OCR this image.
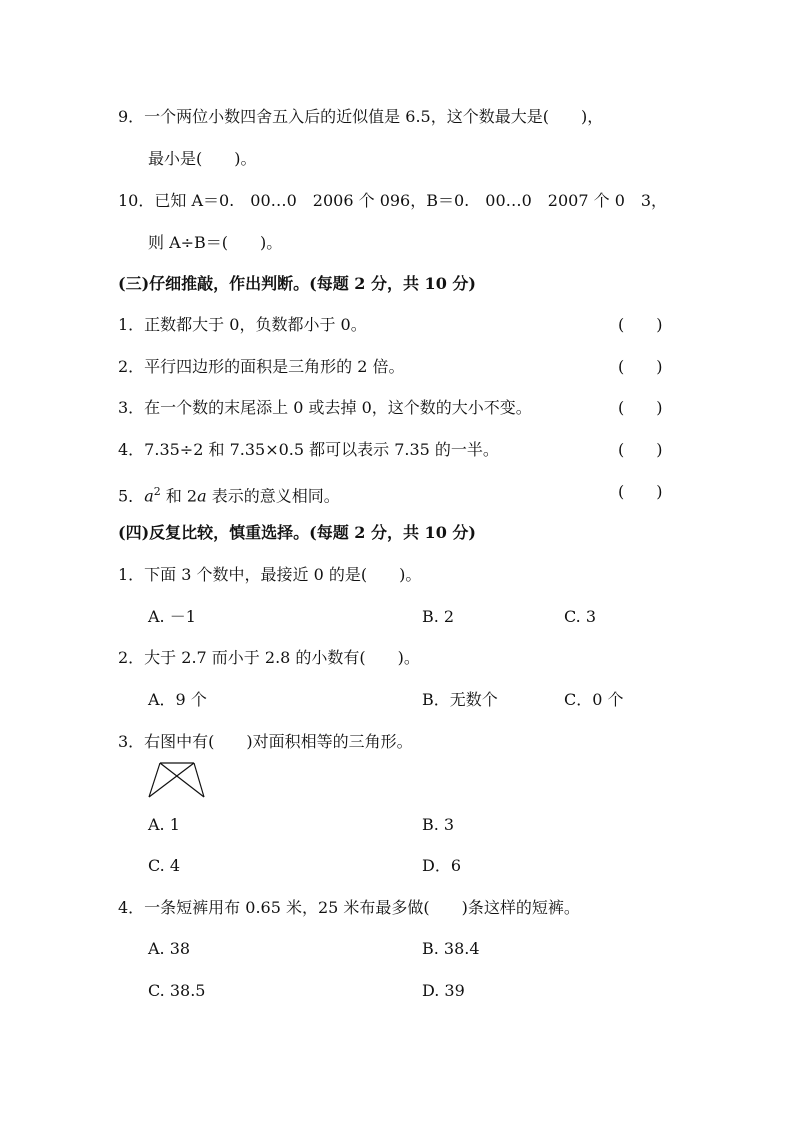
9．一个两位小数四舍五入后的近似值是 6.5，这个数最大是(　　)，
最小是(　　)。
10．已知 A＝0.　00…0　2006 个 096，B＝0.　00…0　2007 个 0　3，
则 A÷B＝(　　)。
(三)仔细推敲，作出判断。(每题 2 分，共 10 分)
1．正数都大于 0，负数都小于 0。	(　　)
2．平行四边形的面积是三角形的 2 倍。	(　　)
3．在一个数的末尾添上 0 或去掉 0，这个数的大小不变。	(　　)
4．7.35÷2 和 7.35×0.5 都可以表示 7.35 的一半。	(　　)
5．$a^2$ 和 2a 表示的意义相同。	(　　)
(四)反复比较，慎重选择。(每题 2 分，共 10 分)
1．下面 3 个数中，最接近 0 的是(　　)。
A. －1	B. 2	C. 3
2．大于 2.7 而小于 2.8 的小数有(　　)。
A．9 个	B．无数个	C．0 个
3．右图中有(　　)对面积相等的三角形。
A. 1	B. 3
C. 4	D．6
4．一条短裤用布 0.65 米，25 米布最多做(　　)条这样的短裤。
A. 38	B. 38.4
C. 38.5	D. 39
